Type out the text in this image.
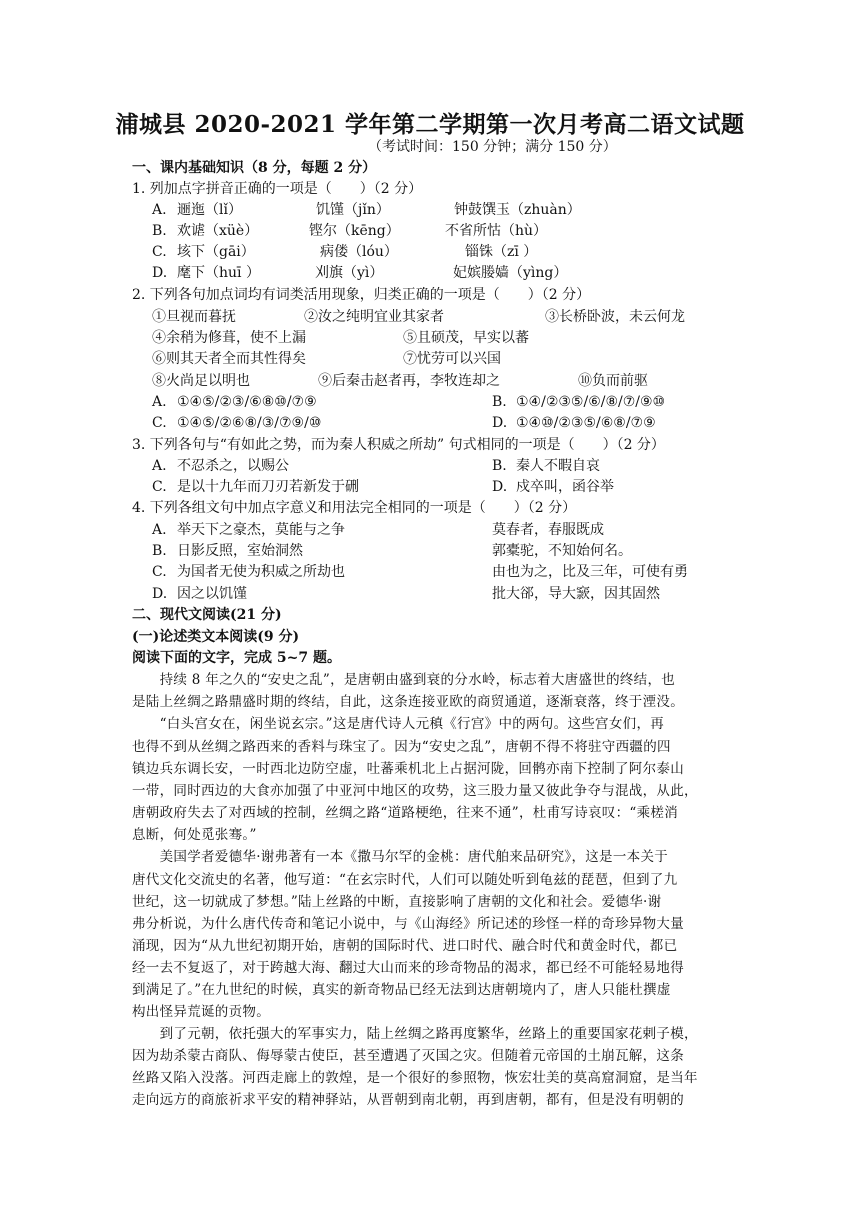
浦城县 2020-2021 学年第二学期第一次月考高二语文试题
（考试时间：150 分钟；满分 150 分）
一、课内基础知识（8 分，每题 2 分）
1. 列加点字拼音正确的一项是（　　）（2 分）
A. 逦迤（lǐ）	饥馑（jǐn）	钟鼓馔玉（zhuàn）
B. 欢谑（xüè）	铿尔（kēng）	不省所怙（hù）
C. 垓下（gāi）	病偻（lóu）	锱铢（zī ）
D. 麾下（huī ）	刈旗（yì）	妃嫔媵嫱（yìng）
2. 下列各句加点词均有词类活用现象，归类正确的一项是（　　）（2 分）
①旦视而暮抚	②汝之纯明宜业其家者	③长桥卧波，未云何龙
④余稍为修葺，使不上漏	⑤且硕茂，早实以蕃
⑥则其天者全而其性得矣	⑦忧劳可以兴国
⑧火尚足以明也	⑨后秦击赵者再，李牧连却之	⑩负而前驱
A. ①④⑤/②③/⑥⑧⑩/⑦⑨	B. ①④/②③⑤/⑥/⑧/⑦/⑨⑩
C. ①④⑤/②⑥⑧/③/⑦⑨/⑩	D. ①④⑩/②③⑤/⑥⑧/⑦⑨
3. 下列各句与“有如此之势，而为秦人积威之所劫” 句式相同的一项是（　　）（2 分）
A. 不忍杀之，以赐公	B. 秦人不暇自哀
C. 是以十九年而刀刃若新发于硎	D. 戍卒叫，函谷举
4. 下列各组文句中加点字意义和用法完全相同的一项是（　　）（2 分）
A. 举天下之豪杰，莫能与之争	莫春者，春服既成
B. 日影反照，室始洞然	郭橐驼，不知始何名。
C. 为国者无使为积威之所劫也	由也为之，比及三年，可使有勇
D. 因之以饥馑	批大郤，导大窾，因其固然
二、现代文阅读(21 分)
(一)论述类文本阅读(9 分)
阅读下面的文字，完成 5~7 题。
　　持续 8 年之久的“安史之乱”，是唐朝由盛到衰的分水岭，标志着大唐盛世的终结，也
是陆上丝绸之路鼎盛时期的终结，自此，这条连接亚欧的商贸通道，逐渐衰落，终于湮没。
　　“白头宫女在，闲坐说玄宗。”这是唐代诗人元稹《行宫》中的两句。这些宫女们，再
也得不到从丝绸之路西来的香料与珠宝了。因为“安史之乱”，唐朝不得不将驻守西疆的四
镇边兵东调长安，一时西北边防空虚，吐蕃乘机北上占据河陇，回鹘亦南下控制了阿尔泰山
一带，同时西边的大食亦加强了中亚河中地区的攻势，这三股力量又彼此争夺与混战，从此，
唐朝政府失去了对西域的控制，丝绸之路“道路梗绝，往来不通”，杜甫写诗哀叹：“乘槎消
息断，何处觅张骞。”
　　美国学者爱德华·谢弗著有一本《撒马尔罕的金桃：唐代舶来品研究》，这是一本关于
唐代文化交流史的名著，他写道：“在玄宗时代，人们可以随处听到龟兹的琵琶，但到了九
世纪，这一切就成了梦想。”陆上丝路的中断，直接影响了唐朝的文化和社会。爱德华·谢
弗分析说，为什么唐代传奇和笔记小说中，与《山海经》所记述的珍怪一样的奇珍异物大量
涌现，因为“从九世纪初期开始，唐朝的国际时代、进口时代、融合时代和黄金时代，都已
经一去不复返了，对于跨越大海、翻过大山而来的珍奇物品的渴求，都已经不可能轻易地得
到满足了。”在九世纪的时候，真实的新奇物品已经无法到达唐朝境内了，唐人只能杜撰虚
构出怪异荒诞的贡物。
　　到了元朝，依托强大的军事实力，陆上丝绸之路再度繁华，丝路上的重要国家花剌子模，
因为劫杀蒙古商队、侮辱蒙古使臣，甚至遭遇了灭国之灾。但随着元帝国的土崩瓦解，这条
丝路又陷入没落。河西走廊上的敦煌，是一个很好的参照物，恢宏壮美的莫高窟洞窟，是当年
走向远方的商旅祈求平安的精神驿站，从晋朝到南北朝，再到唐朝，都有，但是没有明朝的
